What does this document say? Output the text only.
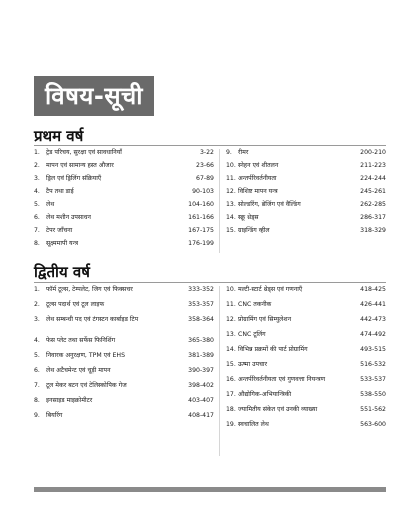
विषय-सूची
प्रथम वर्ष
1. ट्रेड परिचय, सुरक्षा एवं सावधानियाँ	3-22
2. मापन एवं सामान्य हस्त औजार	23-66
3. ड्रिल एवं ड्रिलिंग संक्रियाएँ	67-89
4. टैप तथा डाई	90-103
5. लेथ	104-160
6. लेथ मशीन उपसाधन	161-166
7. टेपर जाँचना	167-175
8. सूक्ष्ममापी यन्त्र	176-199
9. रीमर	200-210
10. स्नेहन एवं शीतलन	211-223
11. अन्तर्परिवर्तनीयता	224-244
12. विशिष्ट मापन यन्त्र	245-261
13. सोल्डरिंग, ब्रेजिंग एवं वैल्डिंग	262-285
14. स्क्रू थ्रेड्स	286-317
15. ग्राइन्डिंग व्हील	318-329
द्वितीय वर्ष
1. फॉर्म टूल्स, टेम्पलेट, जिग एवं फिक्सचर	333-352
2. टूल्स पदार्थ एवं टूल लाइफ	353-357
3. लेथ सम्बन्धी पद एवं टंगस्टन कार्बाइड टिप	358-364
4. फेस प्लेट तथा सर्फेस फिनिशिंग	365-380
5. निवारक अनुरक्षण, TPM एवं EHS	381-389
6. लेथ अटैचमेन्ट एवं चूड़ी मापन	390-397
7. टूल मेकर बटन एवं टेलिस्कोपिक गेज	398-402
8. इनसाइड माइक्रोमीटर	403-407
9. बियरिंग	408-417
10. मल्टी-स्टार्ट थ्रेड्स एवं गणनाएँ	418-425
11. CNC तकनीक	426-441
12. प्रोग्रामिंग एवं सिम्युलेशन	442-473
13. CNC टूलिंग	474-492
14. विभिन्न प्रक्रमों की पार्ट प्रोग्रामिंग	493-515
15. ऊष्मा उपचार	516-532
16. अन्तर्परिवर्तनीयता एवं गुणवत्ता नियन्त्रण	533-537
17. औद्योगिक-अभियान्त्रिकी	538-550
18. ज्यामितीय संकेत एवं उनकी व्याख्या	551-562
19. स्वचालित लेथ	563-600
